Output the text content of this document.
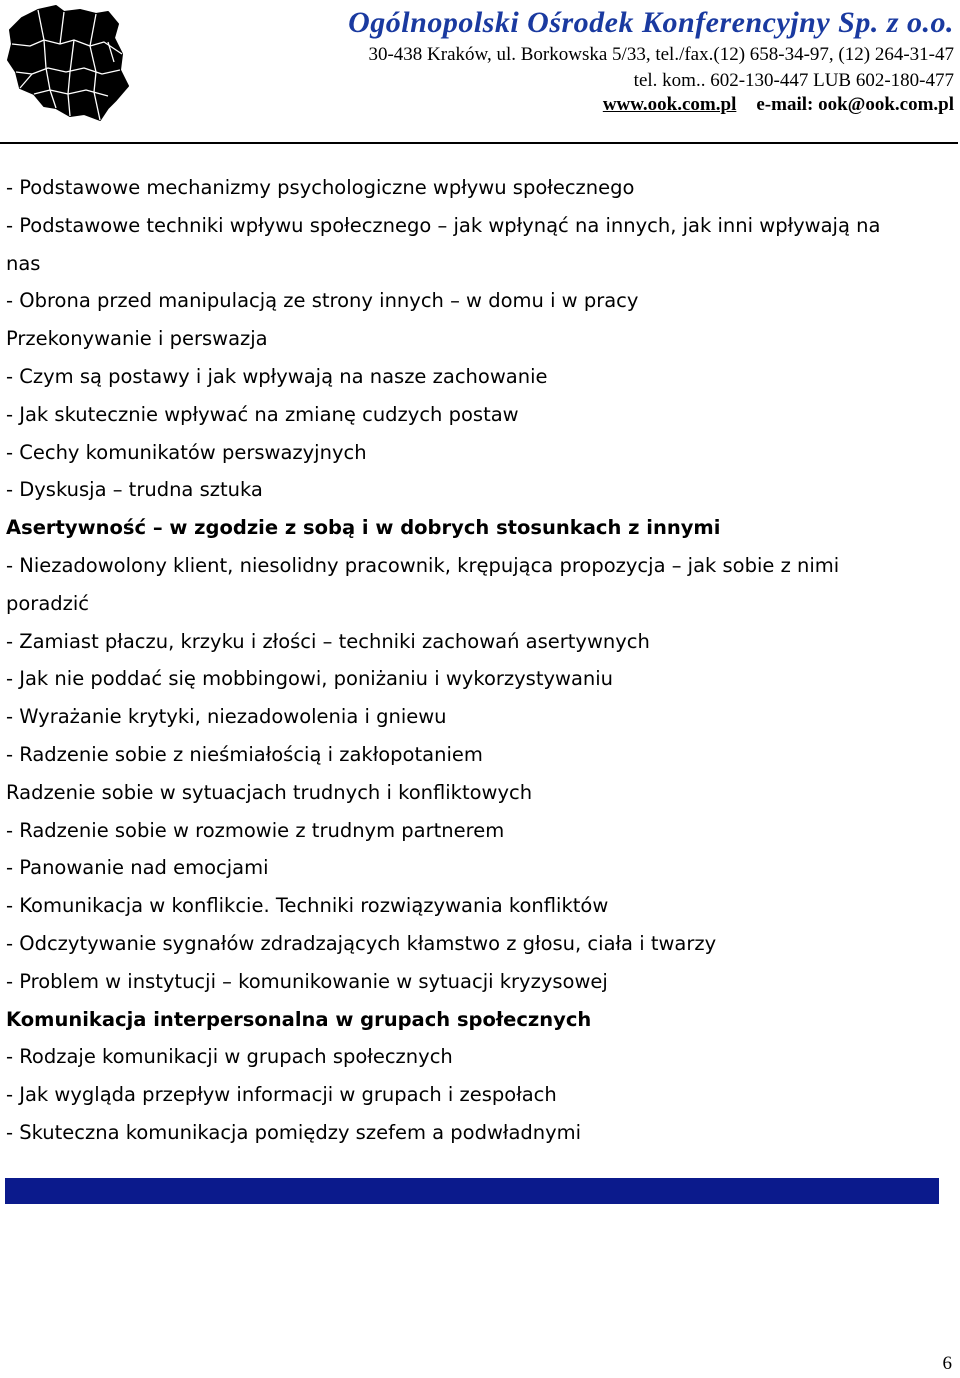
Ogólnopolski Ośrodek Konferencyjny Sp. z o.o.
30-438 Kraków, ul. Borkowska 5/33, tel./fax.(12) 658-34-97, (12) 264-31-47
tel. kom.. 602-130-447 LUB 602-180-477
www.ook.com.pl e-mail: ook@ook.com.pl
- Podstawowe mechanizmy psychologiczne wpływu społecznego
- Podstawowe techniki wpływu społecznego – jak wpłynąć na innych, jak inni wpływają na
nas
- Obrona przed manipulacją ze strony innych – w domu i w pracy
Przekonywanie i perswazja
- Czym są postawy i jak wpływają na nasze zachowanie
- Jak skutecznie wpływać na zmianę cudzych postaw
- Cechy komunikatów perswazyjnych
- Dyskusja – trudna sztuka
Asertywność – w zgodzie z sobą i w dobrych stosunkach z innymi
- Niezadowolony klient, niesolidny pracownik, krępująca propozycja – jak sobie z nimi
poradzić
- Zamiast płaczu, krzyku i złości – techniki zachowań asertywnych
- Jak nie poddać się mobbingowi, poniżaniu i wykorzystywaniu
- Wyrażanie krytyki, niezadowolenia i gniewu
- Radzenie sobie z nieśmiałością i zakłopotaniem
Radzenie sobie w sytuacjach trudnych i konfliktowych
- Radzenie sobie w rozmowie z trudnym partnerem
- Panowanie nad emocjami
- Komunikacja w konflikcie. Techniki rozwiązywania konfliktów
- Odczytywanie sygnałów zdradzających kłamstwo z głosu, ciała i twarzy
- Problem w instytucji – komunikowanie w sytuacji kryzysowej
Komunikacja interpersonalna w grupach społecznych
- Rodzaje komunikacji w grupach społecznych
- Jak wygląda przepływ informacji w grupach i zespołach
- Skuteczna komunikacja pomiędzy szefem a podwładnymi
6
